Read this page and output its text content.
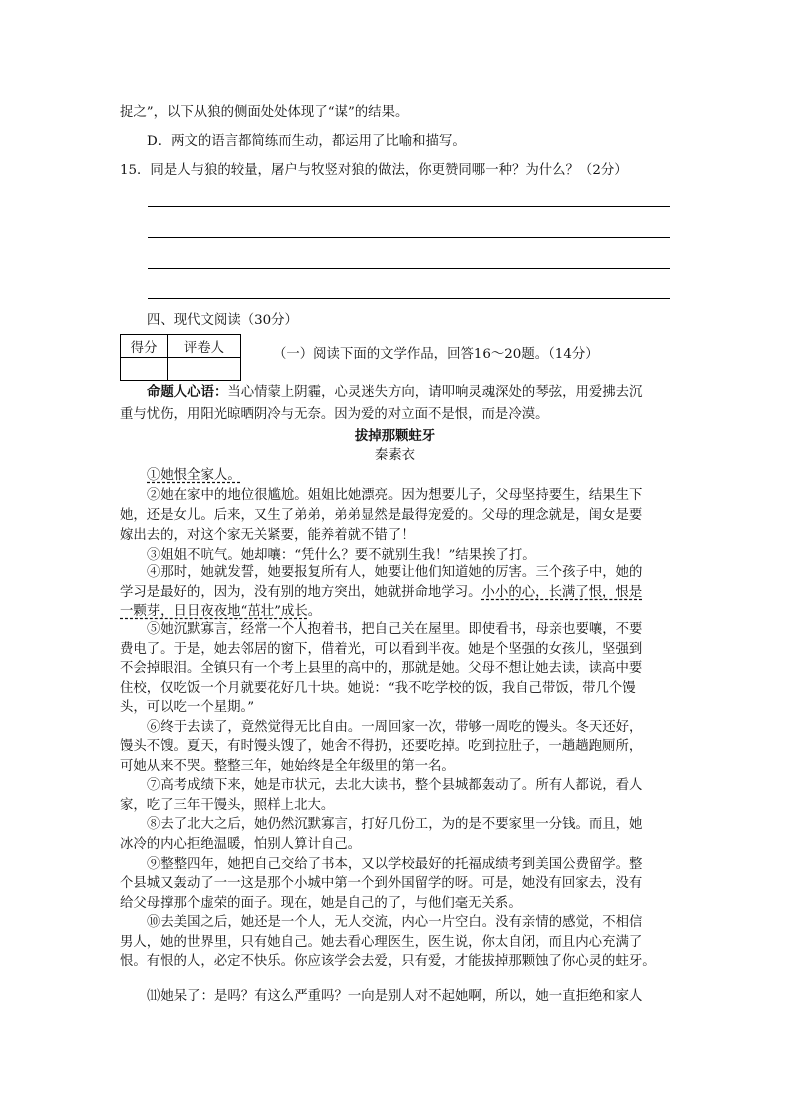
捉之”，以下从狼的侧面处处体现了“谋”的结果。
D．两文的语言都简练而生动，都运用了比喻和描写。
15．同是人与狼的较量，屠户与牧竖对狼的做法，你更赞同哪一种？为什么？（2分）
四、现代文阅读（30分）
得分	评卷人
		（一）阅读下面的文学作品，回答16～20题。（14分）
命题人心语：当心情蒙上阴霾，心灵迷失方向，请叩响灵魂深处的琴弦，用爱拂去沉
重与忧伤，用阳光晾晒阴冷与无奈。因为爱的对立面不是恨，而是冷漠。
拔掉那颗蛀牙
秦素衣
①她恨全家人。
②她在家中的地位很尴尬。姐姐比她漂亮。因为想要儿子，父母坚持要生，结果生下
她，还是女儿。后来，又生了弟弟，弟弟显然是最得宠爱的。父母的理念就是，闺女是要
嫁出去的，对这个家无关紧要，能养着就不错了！
③姐姐不吭气。她却嚷：“凭什么？要不就别生我！”结果挨了打。
④那时，她就发誓，她要报复所有人，她要让他们知道她的厉害。三个孩子中，她的
学习是最好的，因为，没有别的地方突出，她就拼命地学习。小小的心，长满了恨，恨是
一颗芽，日日夜夜地“茁壮”成长。
⑤她沉默寡言，经常一个人抱着书，把自己关在屋里。即使看书，母亲也要嚷，不要
费电了。于是，她去邻居的窗下，借着光，可以看到半夜。她是个坚强的女孩儿，坚强到
不会掉眼泪。全镇只有一个考上县里的高中的，那就是她。父母不想让她去读，读高中要
住校，仅吃饭一个月就要花好几十块。她说：“我不吃学校的饭，我自己带饭，带几个馒
头，可以吃一个星期。”
⑥终于去读了，竟然觉得无比自由。一周回家一次，带够一周吃的馒头。冬天还好，
馒头不馊。夏天，有时馒头馊了，她舍不得扔，还要吃掉。吃到拉肚子，一趟趟跑厕所，
可她从来不哭。整整三年，她始终是全年级里的第一名。
⑦高考成绩下来，她是市状元，去北大读书，整个县城都轰动了。所有人都说，看人
家，吃了三年干馒头，照样上北大。
⑧去了北大之后，她仍然沉默寡言，打好几份工，为的是不要家里一分钱。而且，她
冰冷的内心拒绝温暖，怕别人算计自己。
⑨整整四年，她把自己交给了书本，又以学校最好的托福成绩考到美国公费留学。整
个县城又轰动了一一这是那个小城中第一个到外国留学的呀。可是，她没有回家去，没有
给父母撑那个虚荣的面子。现在，她是自己的了，与他们毫无关系。
⑩去美国之后，她还是一个人，无人交流，内心一片空白。没有亲情的感觉，不相信
男人，她的世界里，只有她自己。她去看心理医生，医生说，你太自闭，而且内心充满了
恨。有恨的人，必定不快乐。你应该学会去爱，只有爱，才能拔掉那颗蚀了你心灵的蛀牙。
⑾她呆了：是吗？有这么严重吗？一向是别人对不起她啊，所以，她一直拒绝和家人
